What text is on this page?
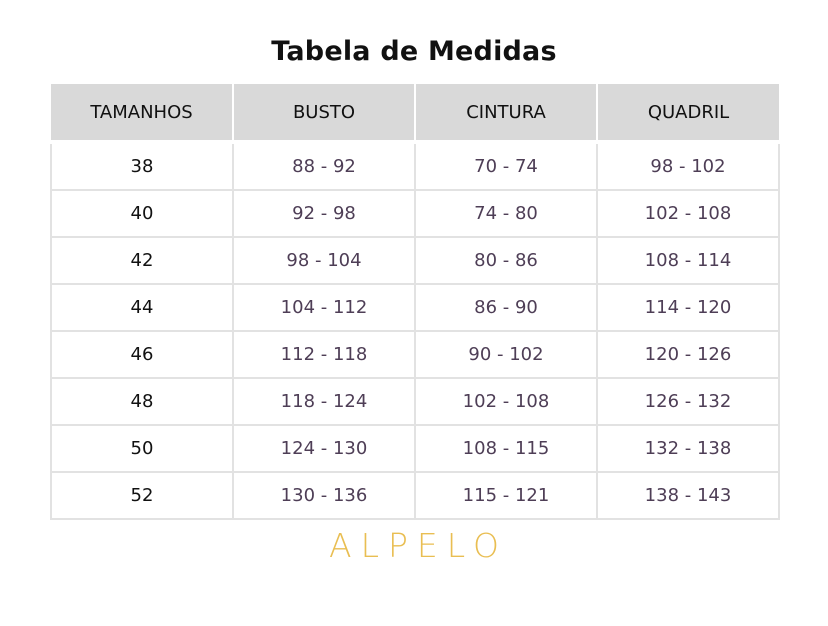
Tabela de Medidas
TAMANHOS	BUSTO	CINTURA	QUADRIL
38	88 - 92	70 - 74	98 - 102
40	92 - 98	74 - 80	102 - 108
42	98 - 104	80 - 86	108 - 114
44	104 - 112	86 - 90	114 - 120
46	112 - 118	90 - 102	120 - 126
48	118 - 124	102 - 108	126 - 132
50	124 - 130	108 - 115	132 - 138
52	130 - 136	115 - 121	138 - 143
ALPELO
